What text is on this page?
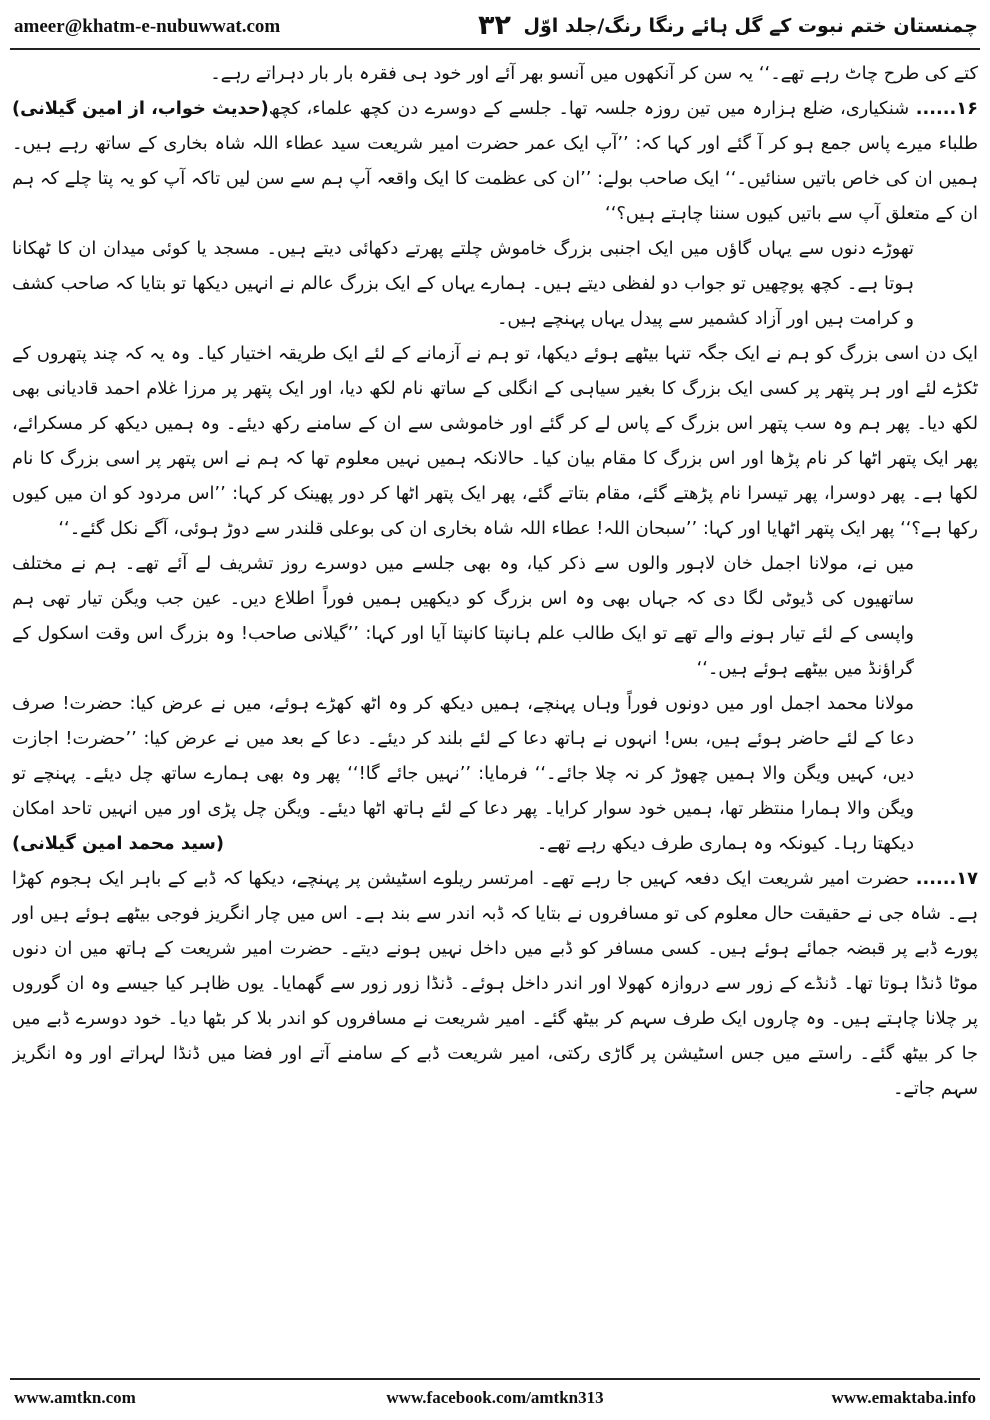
ameer@khatm-e-nubuwwat.com	۳۲ چمنستان ختم نبوت کے گل ہائے رنگا رنگ/جلد اوّل

کتے کی طرح چاٹ رہے تھے۔‘‘ یہ سن کر آنکھوں میں آنسو بھر آئے اور خود ہی فقرہ بار بار دہراتے رہے۔
(حدیث خواب، از امین گیلانی)	۱۶...... شنکیاری، ضلع ہزارہ میں تین روزہ جلسہ تھا۔ جلسے کے دوسرے دن کچھ علماء، کچھ طلباء میرے پاس جمع ہو کر آ گئے اور کہا کہ: ’’آپ ایک عمر حضرت امیر شریعت سید عطاء اللہ شاہ بخاری کے ساتھ رہے ہیں۔ ہمیں ان کی خاص باتیں سنائیں۔‘‘ ایک صاحب بولے: ’’ان کی عظمت کا ایک واقعہ آپ ہم سے سن لیں تاکہ آپ کو یہ پتا چلے کہ ہم ان کے متعلق آپ سے باتیں کیوں سننا چاہتے ہیں؟‘‘

تھوڑے دنوں سے یہاں گاؤں میں ایک اجنبی بزرگ خاموش چلتے پھرتے دکھائی دیتے ہیں۔ مسجد یا کوئی میدان ان کا ٹھکانا ہوتا ہے۔ کچھ پوچھیں تو جواب دو لفظی دیتے ہیں۔ ہمارے یہاں کے ایک بزرگ عالم نے انہیں دیکھا تو بتایا کہ صاحب کشف و کرامت ہیں اور آزاد کشمیر سے پیدل یہاں پہنچے ہیں۔

ایک دن اسی بزرگ کو ہم نے ایک جگہ تنہا بیٹھے ہوئے دیکھا، تو ہم نے آزمانے کے لئے ایک طریقہ اختیار کیا۔ وہ یہ کہ چند پتھروں کے ٹکڑے لئے اور ہر پتھر پر کسی ایک بزرگ کا بغیر سیاہی کے انگلی کے ساتھ نام لکھ دیا، اور ایک پتھر پر مرزا غلام احمد قادیانی بھی لکھ دیا۔ پھر ہم وہ سب پتھر اس بزرگ کے پاس لے کر گئے اور خاموشی سے ان کے سامنے رکھ دیئے۔ وہ ہمیں دیکھ کر مسکرائے، پھر ایک پتھر اٹھا کر نام پڑھا اور اس بزرگ کا مقام بیان کیا۔ حالانکہ ہمیں نہیں معلوم تھا کہ ہم نے اس پتھر پر اسی بزرگ کا نام لکھا ہے۔ پھر دوسرا، پھر تیسرا نام پڑھتے گئے، مقام بتاتے گئے، پھر ایک پتھر اٹھا کر دور پھینک کر کہا: ’’اس مردود کو ان میں کیوں رکھا ہے؟‘‘ پھر ایک پتھر اٹھایا اور کہا: ’’سبحان اللہ! عطاء اللہ شاہ بخاری ان کی بوعلی قلندر سے دوڑ ہوئی، آگے نکل گئے۔‘‘

میں نے، مولانا اجمل خان لاہور والوں سے ذکر کیا، وہ بھی جلسے میں دوسرے روز تشریف لے آئے تھے۔ ہم نے مختلف ساتھیوں کی ڈیوٹی لگا دی کہ جہاں بھی وہ اس بزرگ کو دیکھیں ہمیں فوراً اطلاع دیں۔ عین جب ویگن تیار تھی ہم واپسی کے لئے تیار ہونے والے تھے تو ایک طالب علم ہانپتا کانپتا آیا اور کہا: ’’گیلانی صاحب! وہ بزرگ اس وقت اسکول کے گراؤنڈ میں بیٹھے ہوئے ہیں۔‘‘

مولانا محمد اجمل اور میں دونوں فوراً وہاں پہنچے، ہمیں دیکھ کر وہ اٹھ کھڑے ہوئے، میں نے عرض کیا: حضرت! صرف دعا کے لئے حاضر ہوئے ہیں، بس! انہوں نے ہاتھ دعا کے لئے بلند کر دیئے۔ دعا کے بعد میں نے عرض کیا: ’’حضرت! اجازت دیں، کہیں ویگن والا ہمیں چھوڑ کر نہ چلا جائے۔‘‘ فرمایا: ’’نہیں جائے گا!‘‘ پھر وہ بھی ہمارے ساتھ چل دیئے۔ پہنچے تو ویگن والا ہمارا منتظر تھا، ہمیں خود سوار کرایا۔ پھر دعا کے لئے ہاتھ اٹھا دیئے۔ ویگن چل پڑی اور میں انہیں تاحد امکان دیکھتا رہا۔ کیونکہ وہ ہماری طرف دیکھ رہے تھے۔
(سید محمد امین گیلانی)

۱۷...... حضرت امیر شریعت ایک دفعہ کہیں جا رہے تھے۔ امرتسر ریلوے اسٹیشن پر پہنچے، دیکھا کہ ڈبے کے باہر ایک ہجوم کھڑا ہے۔ شاہ جی نے حقیقت حال معلوم کی تو مسافروں نے بتایا کہ ڈبہ اندر سے بند ہے۔ اس میں چار انگریز فوجی بیٹھے ہوئے ہیں اور پورے ڈبے پر قبضہ جمائے ہوئے ہیں۔ کسی مسافر کو ڈبے میں داخل نہیں ہونے دیتے۔ حضرت امیر شریعت کے ہاتھ میں ان دنوں موٹا ڈنڈا ہوتا تھا۔ ڈنڈے کے زور سے دروازہ کھولا اور اندر داخل ہوئے۔ ڈنڈا زور زور سے گھمایا۔ یوں ظاہر کیا جیسے وہ ان گوروں پر چلانا چاہتے ہیں۔ وہ چاروں ایک طرف سہم کر بیٹھ گئے۔ امیر شریعت نے مسافروں کو اندر بلا کر بٹھا دیا۔ خود دوسرے ڈبے میں جا کر بیٹھ گئے۔ راستے میں جس اسٹیشن پر گاڑی رکتی، امیر شریعت ڈبے کے سامنے آتے اور فضا میں ڈنڈا لہراتے اور وہ انگریز سہم جاتے۔

www.amtkn.com	www.facebook.com/amtkn313	www.emaktaba.info
